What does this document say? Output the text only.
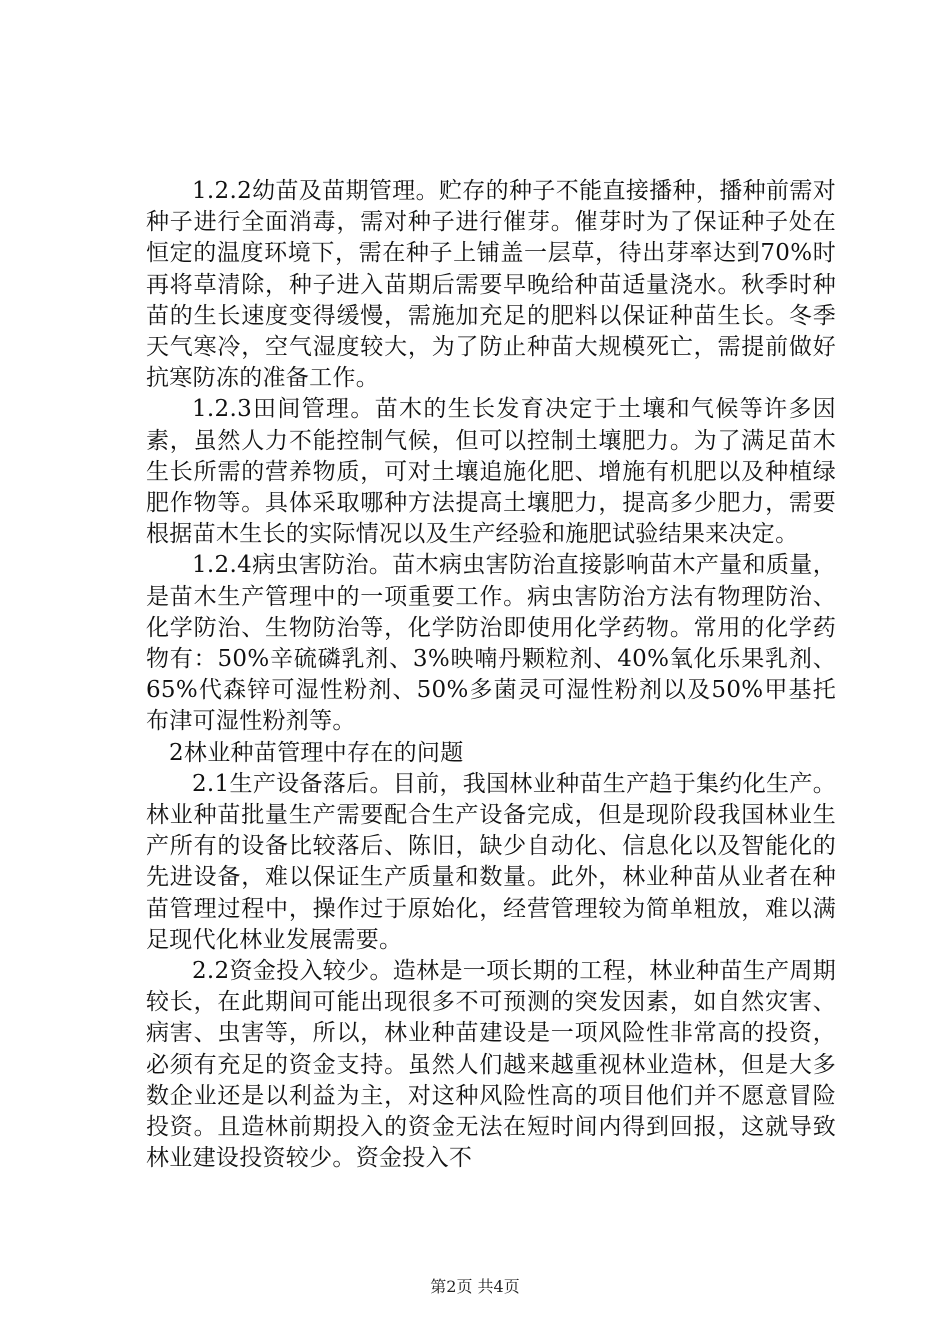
1.2.2幼苗及苗期管理。贮存的种子不能直接播种，播种前需对种子进行全面消毒，需对种子进行催芽。催芽时为了保证种子处在恒定的温度环境下，需在种子上铺盖一层草，待出芽率达到70%时再将草清除，种子进入苗期后需要早晚给种苗适量浇水。秋季时种苗的生长速度变得缓慢，需施加充足的肥料以保证种苗生长。冬季天气寒冷，空气湿度较大，为了防止种苗大规模死亡，需提前做好抗寒防冻的准备工作。

1.2.3田间管理。苗木的生长发育决定于土壤和气候等许多因素，虽然人力不能控制气候，但可以控制土壤肥力。为了满足苗木生长所需的营养物质，可对土壤追施化肥、增施有机肥以及种植绿肥作物等。具体采取哪种方法提高土壤肥力，提高多少肥力，需要根据苗木生长的实际情况以及生产经验和施肥试验结果来决定。

1.2.4病虫害防治。苗木病虫害防治直接影响苗木产量和质量，是苗木生产管理中的一项重要工作。病虫害防治方法有物理防治、化学防治、生物防治等，化学防治即使用化学药物。常用的化学药物有：50%辛硫磷乳剂、3%映喃丹颗粒剂、40%氧化乐果乳剂、65%代森锌可湿性粉剂、50%多菌灵可湿性粉剂以及50%甲基托布津可湿性粉剂等。

2林业种苗管理中存在的问题

2.1生产设备落后。目前，我国林业种苗生产趋于集约化生产。林业种苗批量生产需要配合生产设备完成，但是现阶段我国林业生产所有的设备比较落后、陈旧，缺少自动化、信息化以及智能化的先进设备，难以保证生产质量和数量。此外，林业种苗从业者在种苗管理过程中，操作过于原始化，经营管理较为简单粗放，难以满足现代化林业发展需要。

2.2资金投入较少。造林是一项长期的工程，林业种苗生产周期较长，在此期间可能出现很多不可预测的突发因素，如自然灾害、病害、虫害等，所以，林业种苗建设是一项风险性非常高的投资，必须有充足的资金支持。虽然人们越来越重视林业造林，但是大多数企业还是以利益为主，对这种风险性高的项目他们并不愿意冒险投资。且造林前期投入的资金无法在短时间内得到回报，这就导致林业建设投资较少。资金投入不

第2页 共4页
